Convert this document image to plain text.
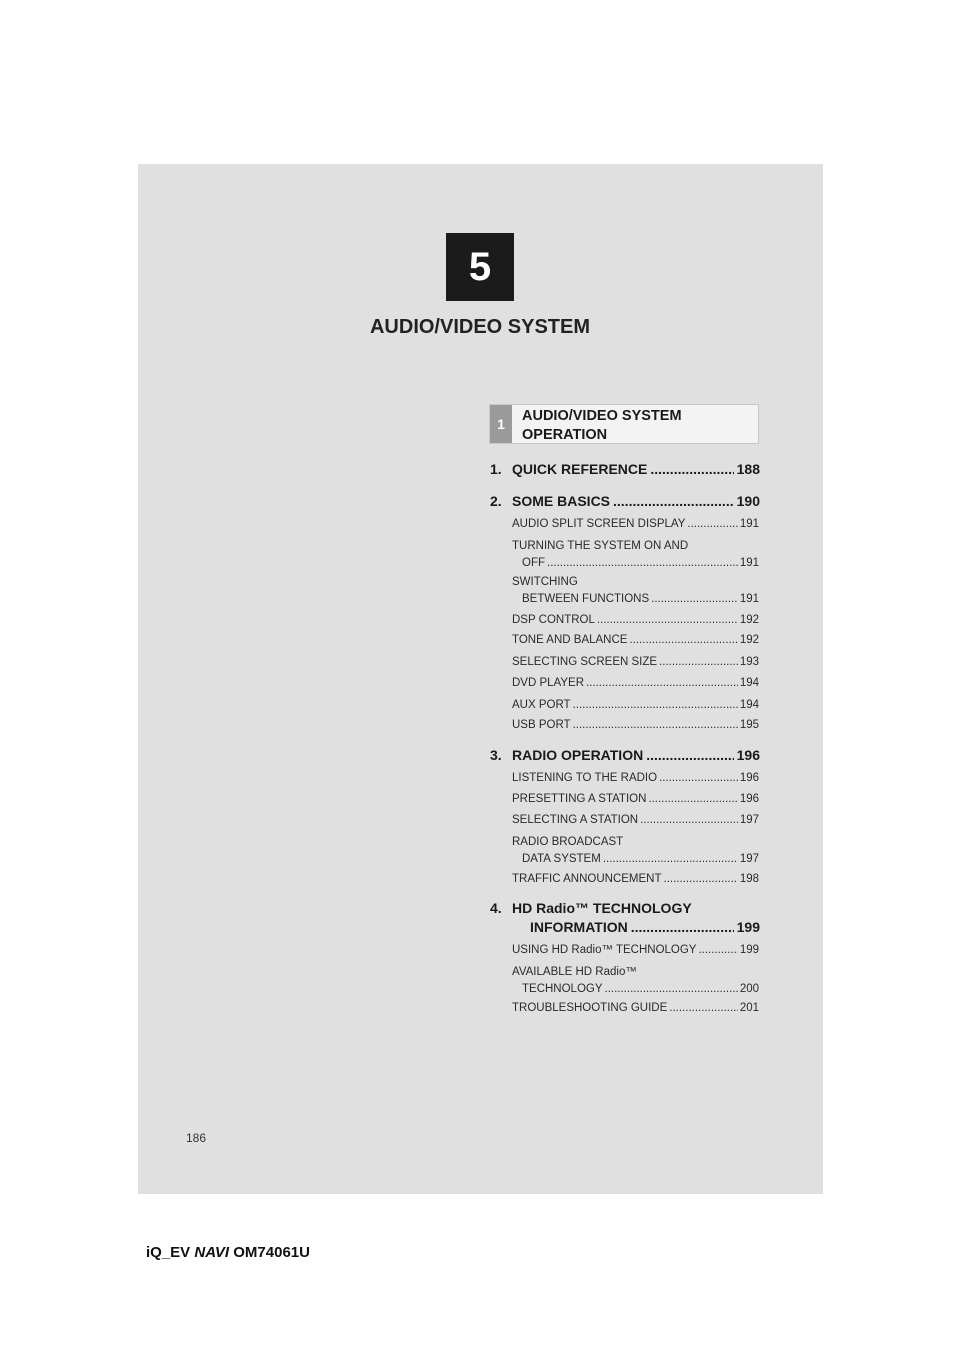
5
AUDIO/VIDEO SYSTEM
1	AUDIO/VIDEO SYSTEM
OPERATION
1. QUICK REFERENCE .....	188
2. SOME BASICS .....	190
AUDIO SPLIT SCREEN DISPLAY .....	191
TURNING THE SYSTEM ON AND
OFF .....	191
SWITCHING
BETWEEN FUNCTIONS .....	191
DSP CONTROL .....	192
TONE AND BALANCE .....	192
SELECTING SCREEN SIZE .....	193
DVD PLAYER .....	194
AUX PORT .....	194
USB PORT .....	195
3. RADIO OPERATION .....	196
LISTENING TO THE RADIO .....	196
PRESETTING A STATION .....	196
SELECTING A STATION .....	197
RADIO BROADCAST
DATA SYSTEM .....	197
TRAFFIC ANNOUNCEMENT .....	198
4. HD Radio™ TECHNOLOGY
INFORMATION .....	199
USING HD Radio™ TECHNOLOGY .....	199
AVAILABLE HD Radio™
TECHNOLOGY .....	200
TROUBLESHOOTING GUIDE .....	201
186
iQ_EV NAVI OM74061U
